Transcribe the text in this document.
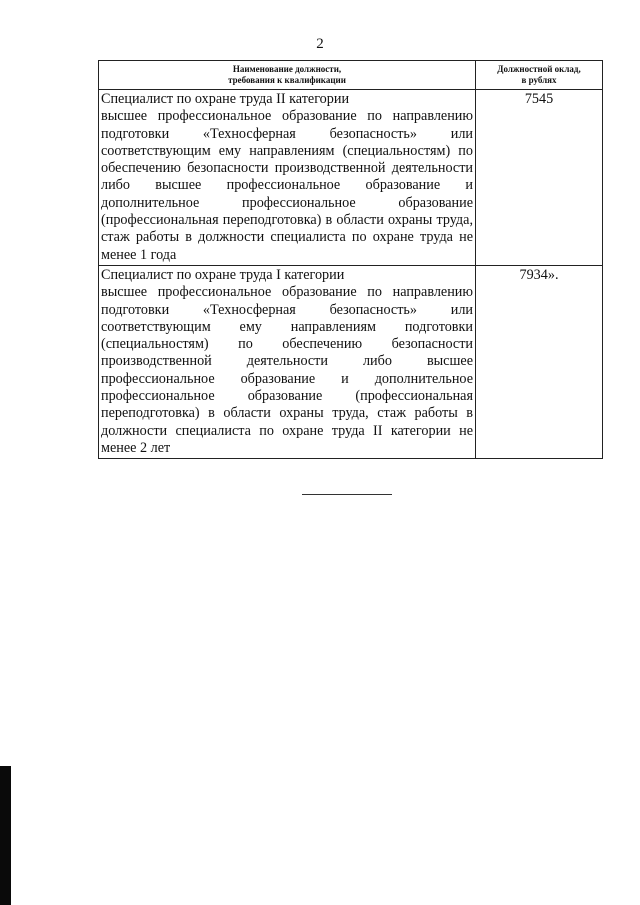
2
Наименование должности,
требования к квалификации	Должностной оклад,
в рублях

Специалист по охране труда II категории
высшее профессиональное образование по направлению подготовки «Техносферная безопасность» или соответствующим ему направлениям (специальностям) по обеспечению безопасности производственной деятельности либо высшее профессиональное образование и дополнительное профессиональное образование (профессиональная переподготовка) в области охраны труда, стаж работы в должности специалиста по охране труда не менее 1 года	7545

Специалист по охране труда I категории
высшее профессиональное образование по направлению подготовки «Техносферная безопасность» или соответствующим ему направлениям подготовки (специальностям) по обеспечению безопасности производственной деятельности либо высшее профессиональное образование и дополнительное профессиональное образование (профессиональная переподготовка) в области охраны труда, стаж работы в должности специалиста по охране труда II категории не менее 2 лет	7934».
